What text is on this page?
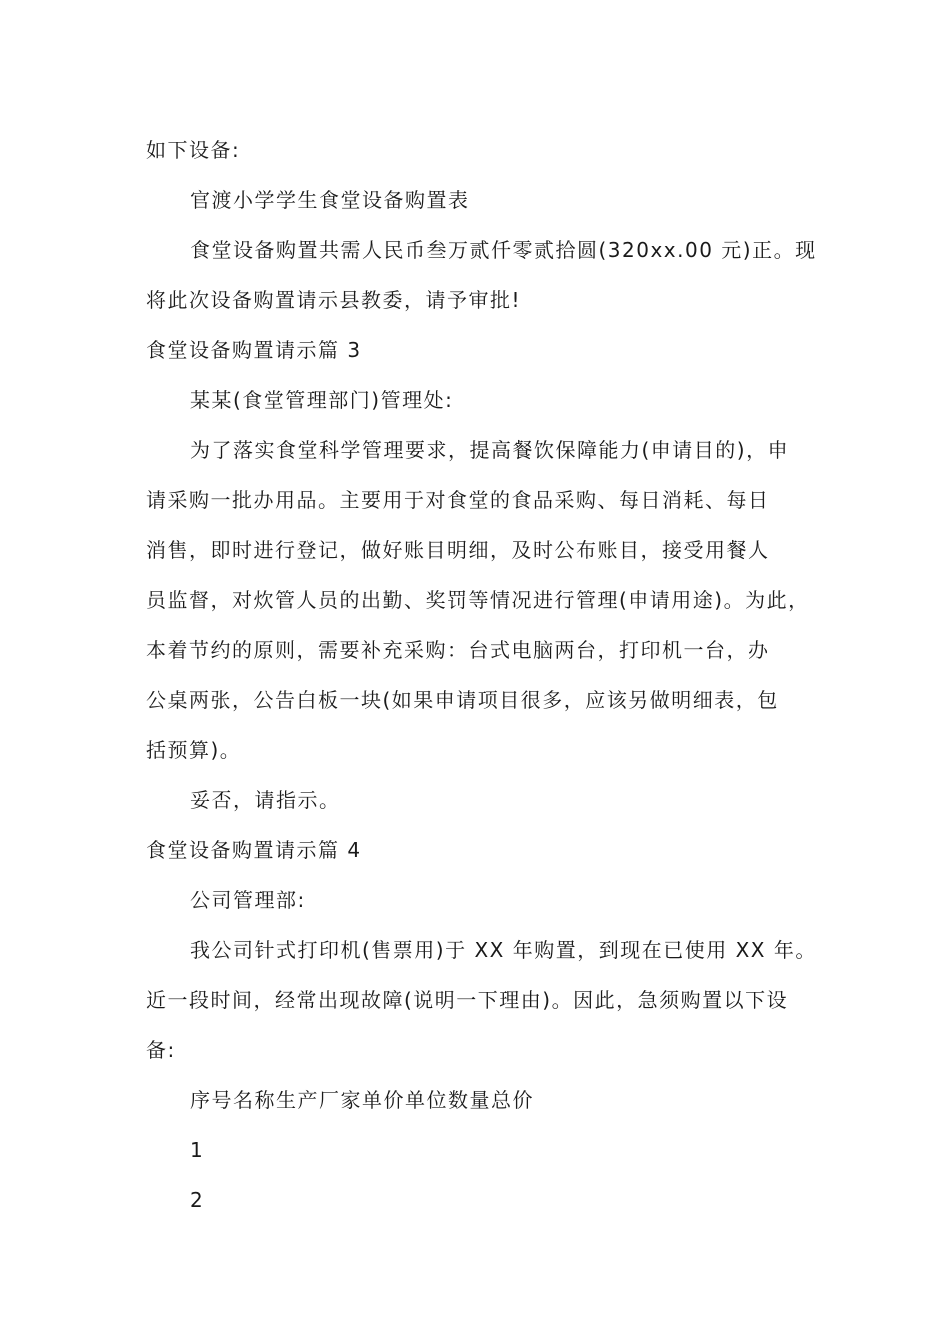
如下设备:
官渡小学学生食堂设备购置表
食堂设备购置共需人民币叁万贰仟零贰拾圆(320xx.00 元)正。现
将此次设备购置请示县教委，请予审批!
食堂设备购置请示篇 3
某某(食堂管理部门)管理处:
为了落实食堂科学管理要求，提高餐饮保障能力(申请目的)，申
请采购一批办用品。主要用于对食堂的食品采购、每日消耗、每日
消售，即时进行登记，做好账目明细，及时公布账目，接受用餐人
员监督，对炊管人员的出勤、奖罚等情况进行管理(申请用途)。为此，
本着节约的原则，需要补充采购：台式电脑两台，打印机一台，办
公桌两张，公告白板一块(如果申请项目很多，应该另做明细表，包
括预算)。
妥否，请指示。
食堂设备购置请示篇 4
公司管理部:
我公司针式打印机(售票用)于 XX 年购置，到现在已使用 XX 年。
近一段时间，经常出现故障(说明一下理由)。因此，急须购置以下设
备:
序号名称生产厂家单价单位数量总价
1
2
